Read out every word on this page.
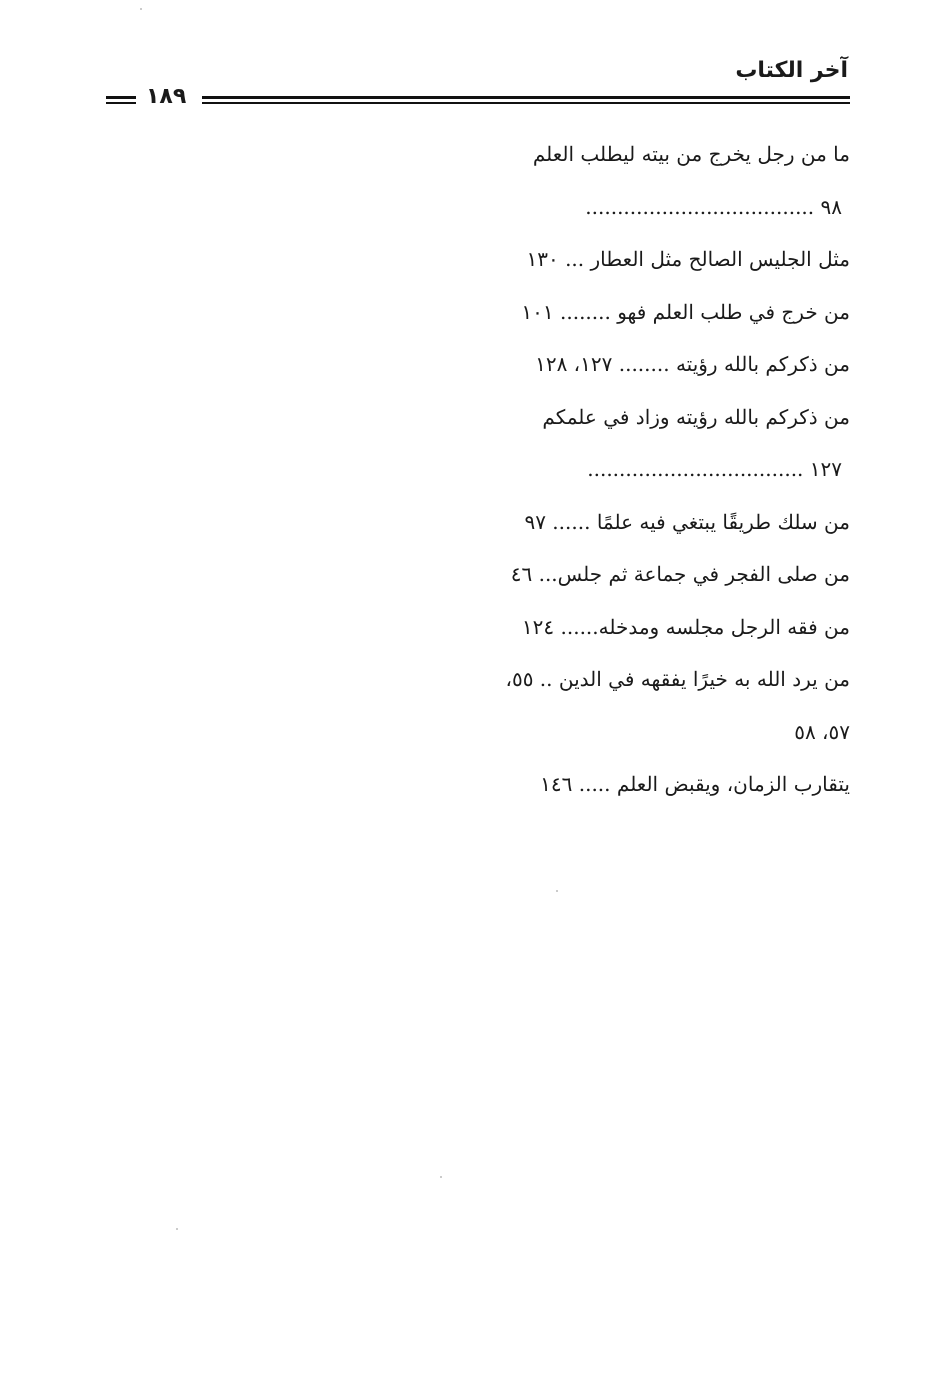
آخر الكتاب
١٨٩
ما من رجل يخرج من بيته ليطلب العلم
٩٨ ....................................
مثل الجليس الصالح مثل العطار ... ١٣٠
من خرج في طلب العلم فهو ........ ١٠١
من ذكركم بالله رؤيته ........ ١٢٧، ١٢٨
من ذكركم بالله رؤيته وزاد في علمكم
١٢٧ ..................................
من سلك طريقًا يبتغي فيه علمًا ...... ٩٧
من صلى الفجر في جماعة ثم جلس... ٤٦
من فقه الرجل مجلسه ومدخله...... ١٢٤
من يرد الله به خيرًا يفقهه في الدين .. ٥٥،
٥٧، ٥٨
يتقارب الزمان، ويقبض العلم ..... ١٤٦
